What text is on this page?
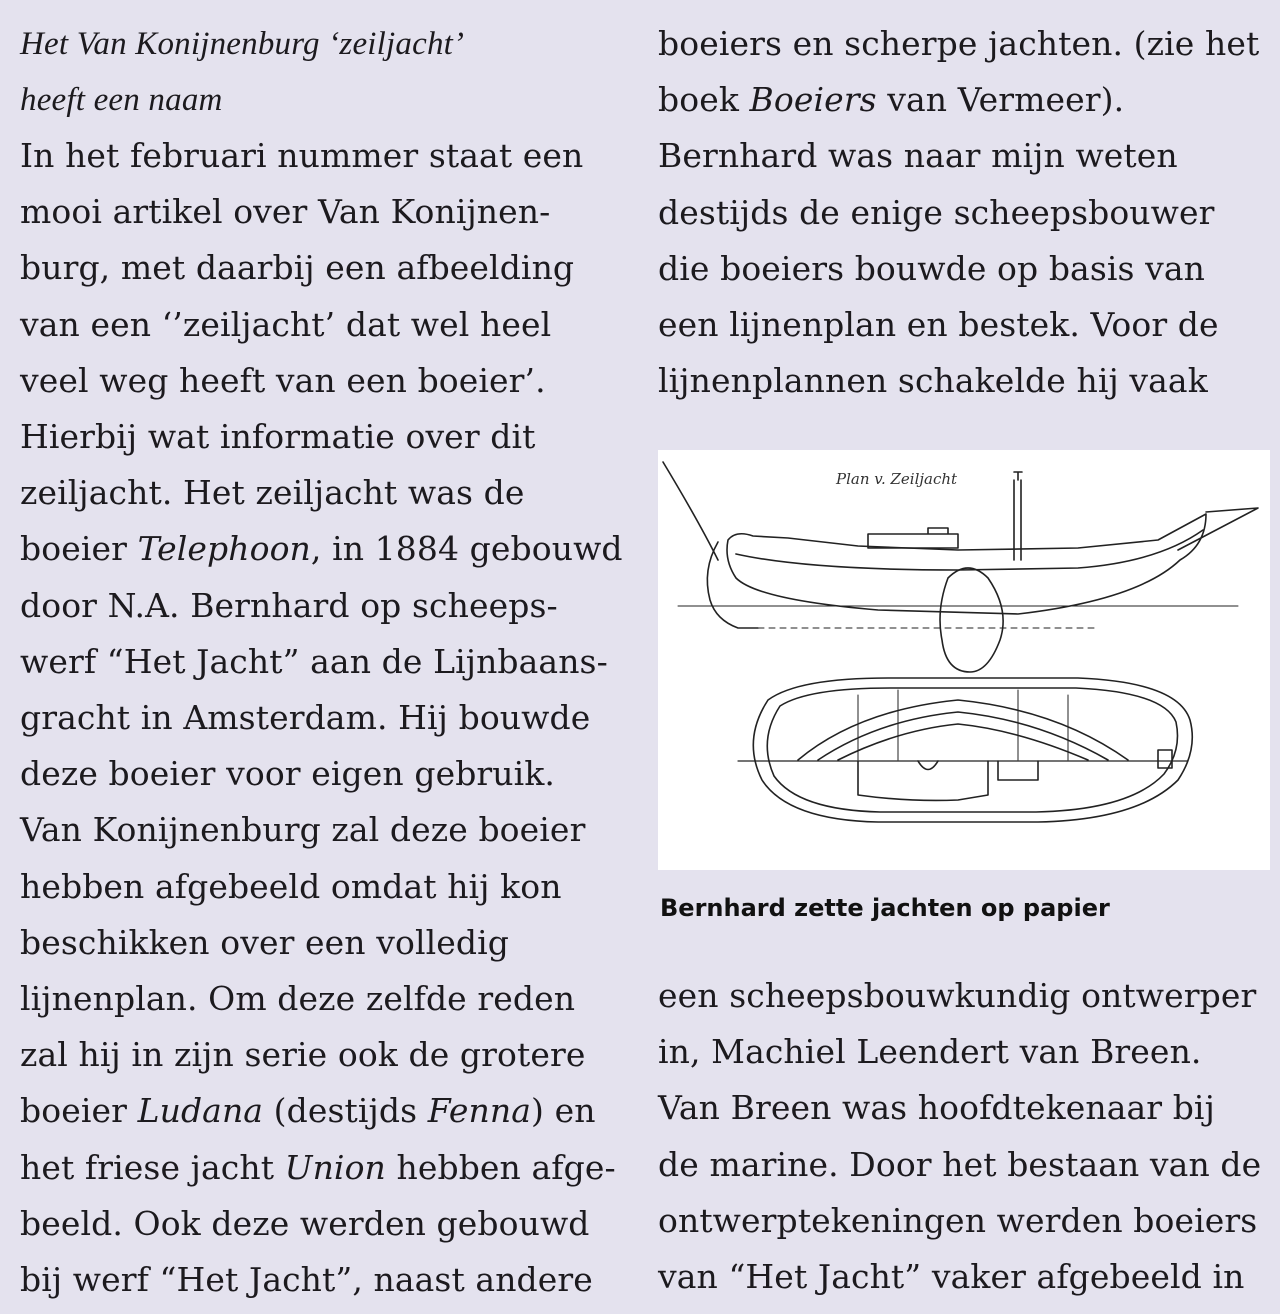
Het Van Konijnenburg ‘zeiljacht’
heeft een naam

In het februari nummer staat een

mooi artikel over Van Konijnen-

burg, met daarbij een afbeelding

van een ‘’zeiljacht’ dat wel heel

veel weg heeft van een boeier’.

Hierbij wat informatie over dit

zeiljacht. Het zeiljacht was de

boeier Telephoon, in 1884 gebouwd

door N.A. Bernhard op scheeps-

werf “Het Jacht” aan de Lijnbaans-

gracht in Amsterdam. Hij bouwde

deze boeier voor eigen gebruik.

Van Konijnenburg zal deze boeier

hebben afgebeeld omdat hij kon

beschikken over een volledig

lijnenplan. Om deze zelfde reden

zal hij in zijn serie ook de grotere

boeier Ludana (destijds Fenna) en

het friese jacht Union hebben afge-

beeld. Ook deze werden gebouwd

bij werf “Het Jacht”, naast andere

boeiers en scherpe jachten. (zie het

boek Boeiers van Vermeer).

Bernhard was naar mijn weten

destijds de enige scheepsbouwer

die boeiers bouwde op basis van

een lijnenplan en bestek. Voor de

lijnenplannen schakelde hij vaak

een scheepsbouwkundig ontwerper

in, Machiel Leendert van Breen.

Van Breen was hoofdtekenaar bij

de marine. Door het bestaan van de

ontwerptekeningen werden boeiers

van “Het Jacht” vaker afgebeeld in

Plan v. Zeiljacht
Bernhard zette jachten op papier
